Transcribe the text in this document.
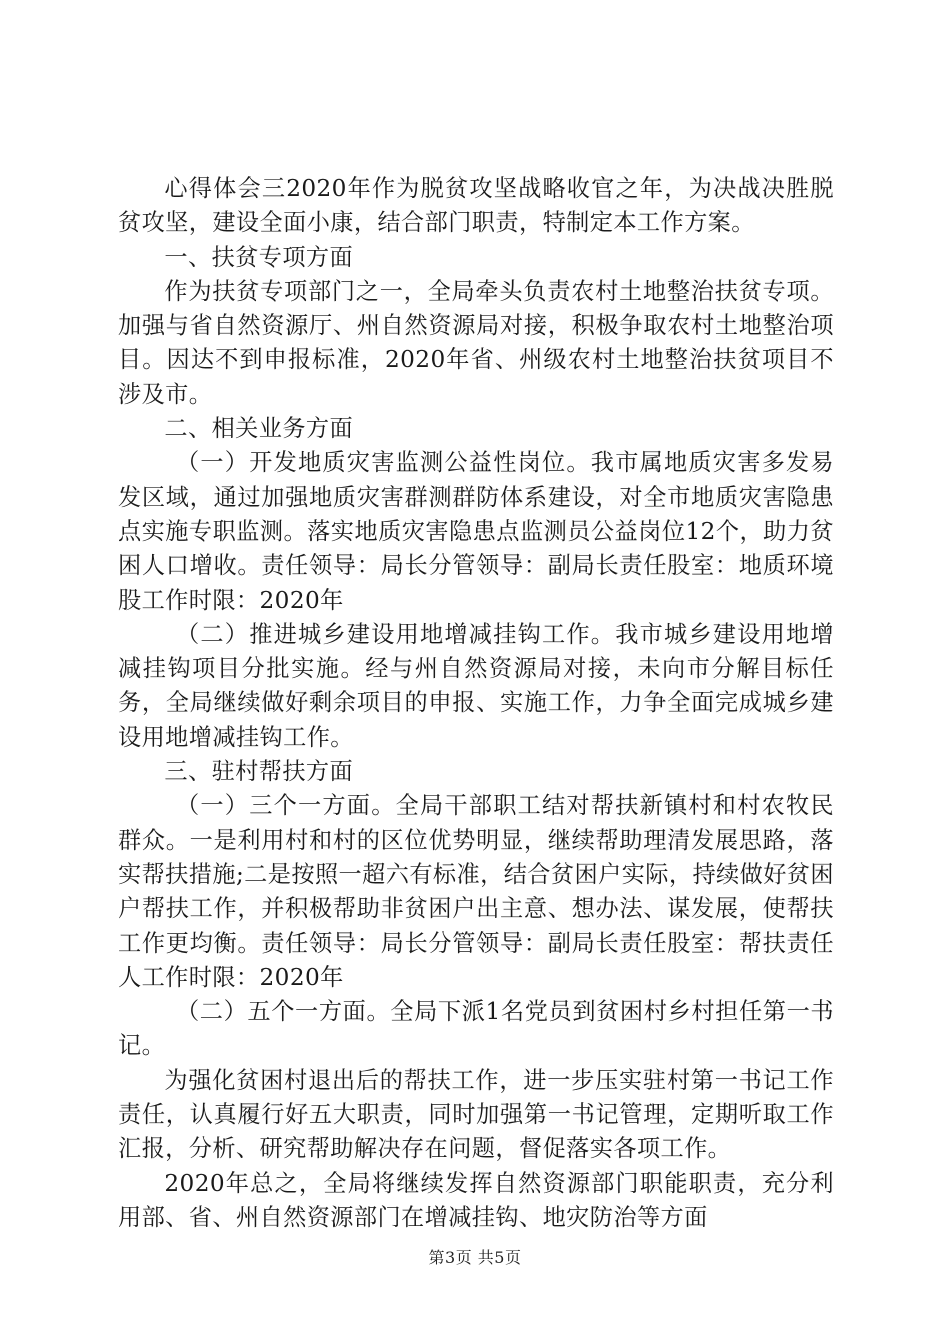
心得体会三2020年作为脱贫攻坚战略收官之年，为决战决胜脱贫攻坚，建设全面小康，结合部门职责，特制定本工作方案。

一、扶贫专项方面

作为扶贫专项部门之一，全局牵头负责农村土地整治扶贫专项。加强与省自然资源厅、州自然资源局对接，积极争取农村土地整治项目。因达不到申报标准，2020年省、州级农村土地整治扶贫项目不涉及市。

二、相关业务方面

（一）开发地质灾害监测公益性岗位。我市属地质灾害多发易发区域，通过加强地质灾害群测群防体系建设，对全市地质灾害隐患点实施专职监测。落实地质灾害隐患点监测员公益岗位12个，助力贫困人口增收。责任领导：局长分管领导：副局长责任股室：地质环境股工作时限：2020年

（二）推进城乡建设用地增减挂钩工作。我市城乡建设用地增减挂钩项目分批实施。经与州自然资源局对接，未向市分解目标任务，全局继续做好剩余项目的申报、实施工作，力争全面完成城乡建设用地增减挂钩工作。

三、驻村帮扶方面

（一）三个一方面。全局干部职工结对帮扶新镇村和村农牧民群众。一是利用村和村的区位优势明显，继续帮助理清发展思路，落实帮扶措施;二是按照一超六有标准，结合贫困户实际，持续做好贫困户帮扶工作，并积极帮助非贫困户出主意、想办法、谋发展，使帮扶工作更均衡。责任领导：局长分管领导：副局长责任股室：帮扶责任人工作时限：2020年

（二）五个一方面。全局下派1名党员到贫困村乡村担任第一书记。

为强化贫困村退出后的帮扶工作，进一步压实驻村第一书记工作责任，认真履行好五大职责，同时加强第一书记管理，定期听取工作汇报，分析、研究帮助解决存在问题，督促落实各项工作。

2020年总之，全局将继续发挥自然资源部门职能职责，充分利用部、省、州自然资源部门在增减挂钩、地灾防治等方面

第3页 共5页
